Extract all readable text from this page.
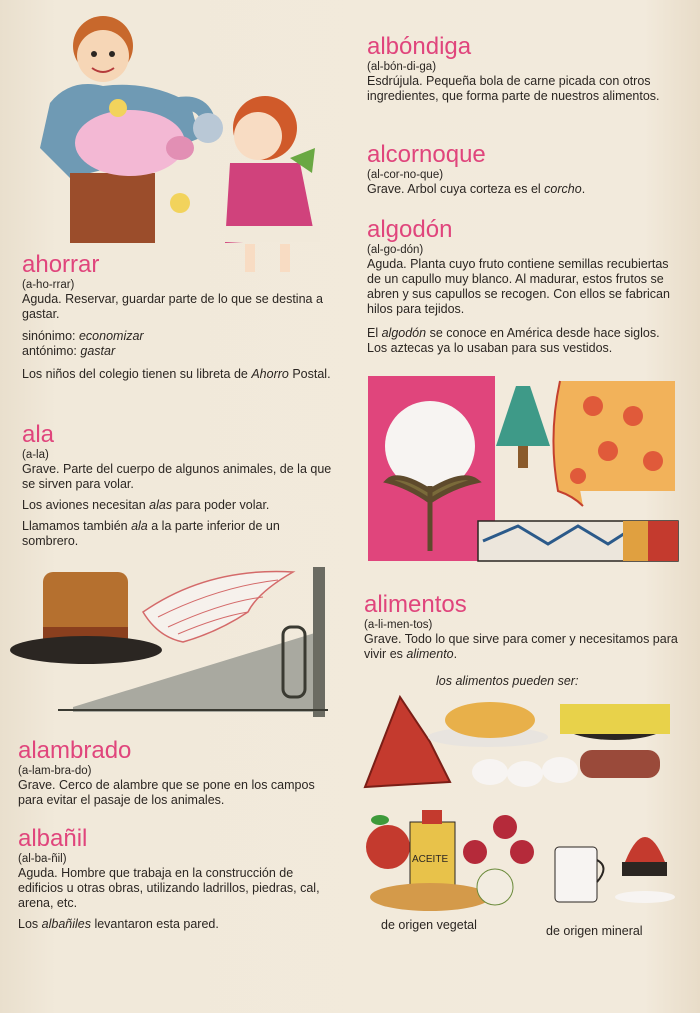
ahorrar
(a-ho-rrar)

Aguda. Reservar, guardar parte de lo que se destina a gastar.

sinónimo: economizar

antónimo: gastar

Los niños del colegio tienen su libreta de Ahorro Postal.

ala
(a-la)

Grave. Parte del cuerpo de algunos animales, de la que se sirven para volar.

Los aviones necesitan alas para poder volar.

Llamamos también ala a la parte inferior de un sombrero.

alambrado
(a-lam-bra-do)

Grave. Cerco de alambre que se pone en los campos para evitar el pasaje de los animales.

albañil
(al-ba-ñil)

Aguda. Hombre que trabaja en la construcción de edificios u otras obras, utilizando ladrillos, piedras, cal, arena, etc.

Los albañiles levantaron esta pared.

albóndiga
(al-bón-di-ga)

Esdrújula. Pequeña bola de carne picada con otros ingredientes, que forma parte de nuestros alimentos.

alcornoque
(al-cor-no-que)

Grave. Arbol cuya corteza es el corcho.

algodón
(al-go-dón)

Aguda. Planta cuyo fruto contiene semillas recubiertas de un capullo muy blanco. Al madurar, estos frutos se abren y sus capullos se recogen. Con ellos se fabrican hilos para tejidos.

El algodón se conoce en América desde hace siglos. Los aztecas ya lo usaban para sus vestidos.

alimentos
(a-li-men-tos)

Grave. Todo lo que sirve para comer y necesitamos para vivir es alimento.

los alimentos pueden ser:

ACEITE
de origen vegetal	de origen mineral
